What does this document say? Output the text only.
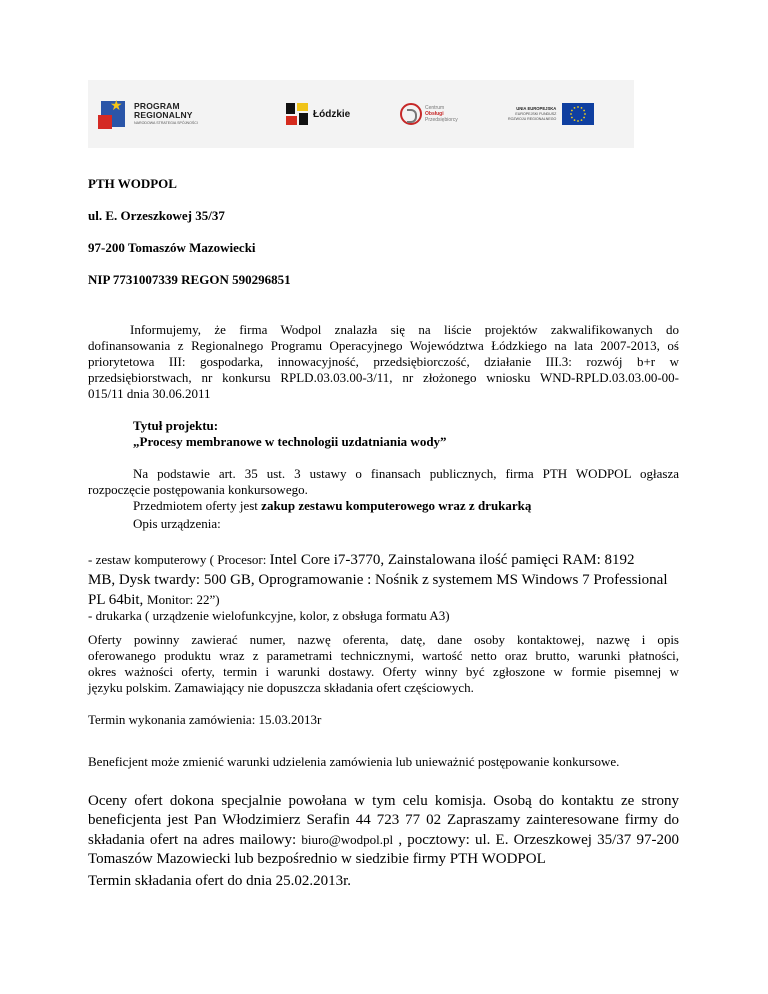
★ PROGRAM
REGIONALNY
NARODOWA STRATEGIA SPÓJNOŚCI
Łódzkie
Centrum
Obsługi
Przedsiębiorcy
UNIA EUROPEJSKA
EUROPEJSKI FUNDUSZ
ROZWOJU REGIONALNEGO

PTH WODPOL

ul. E. Orzeszkowej 35/37

97-200 Tomaszów Mazowiecki

NIP 7731007339 REGON 590296851

Informujemy, że firma Wodpol znalazła się na liście projektów zakwalifikowanych do
dofinansowania z Regionalnego Programu Operacyjnego Województwa Łódzkiego na lata 2007-2013, oś
priorytetowa III: gospodarka, innowacyjność, przedsiębiorczość, działanie III.3: rozwój b+r w
przedsiębiorstwach, nr konkursu RPLD.03.03.00-3/11, nr złożonego wniosku WND-RPLD.03.03.00-00-
015/11 dnia 30.06.2011

Tytuł projektu:

„Procesy membranowe w technologii uzdatniania wody”

Na podstawie art. 35 ust. 3 ustawy o finansach publicznych, firma PTH WODPOL ogłasza
rozpoczęcie postępowania konkursowego.
Przedmiotem oferty jest zakup zestawu komputerowego wraz z drukarką

Opis urządzenia:

- zestaw komputerowy ( Procesor: Intel Core i7-3770, Zainstalowana ilość pamięci RAM: 8192
MB, Dysk twardy: 500 GB, Oprogramowanie : Nośnik z systemem MS Windows 7 Professional
PL 64bit, Monitor: 22”)

- drukarka ( urządzenie wielofunkcyjne, kolor, z obsługa formatu A3)

Oferty powinny zawierać numer, nazwę oferenta, datę, dane osoby kontaktowej, nazwę i opis
oferowanego produktu wraz z parametrami technicznymi, wartość netto oraz brutto, warunki płatności,
okres ważności oferty, termin i warunki dostawy. Oferty winny być zgłoszone w formie pisemnej w
języku polskim. Zamawiający nie dopuszcza składania ofert częściowych.

Termin wykonania zamówienia: 15.03.2013r

Beneficjent może zmienić warunki udzielenia zamówienia lub unieważnić postępowanie konkursowe.

Oceny ofert dokona specjalnie powołana w tym celu komisja. Osobą do kontaktu ze strony
beneficjenta jest Pan Włodzimierz Serafin 44 723 77 02 Zapraszamy zainteresowane firmy do
składania ofert na adres mailowy: biuro@wodpol.pl , pocztowy: ul. E. Orzeszkowej 35/37 97-200
Tomaszów Mazowiecki lub bezpośrednio w siedzibie firmy PTH WODPOL

Termin składania ofert do dnia 25.02.2013r.
